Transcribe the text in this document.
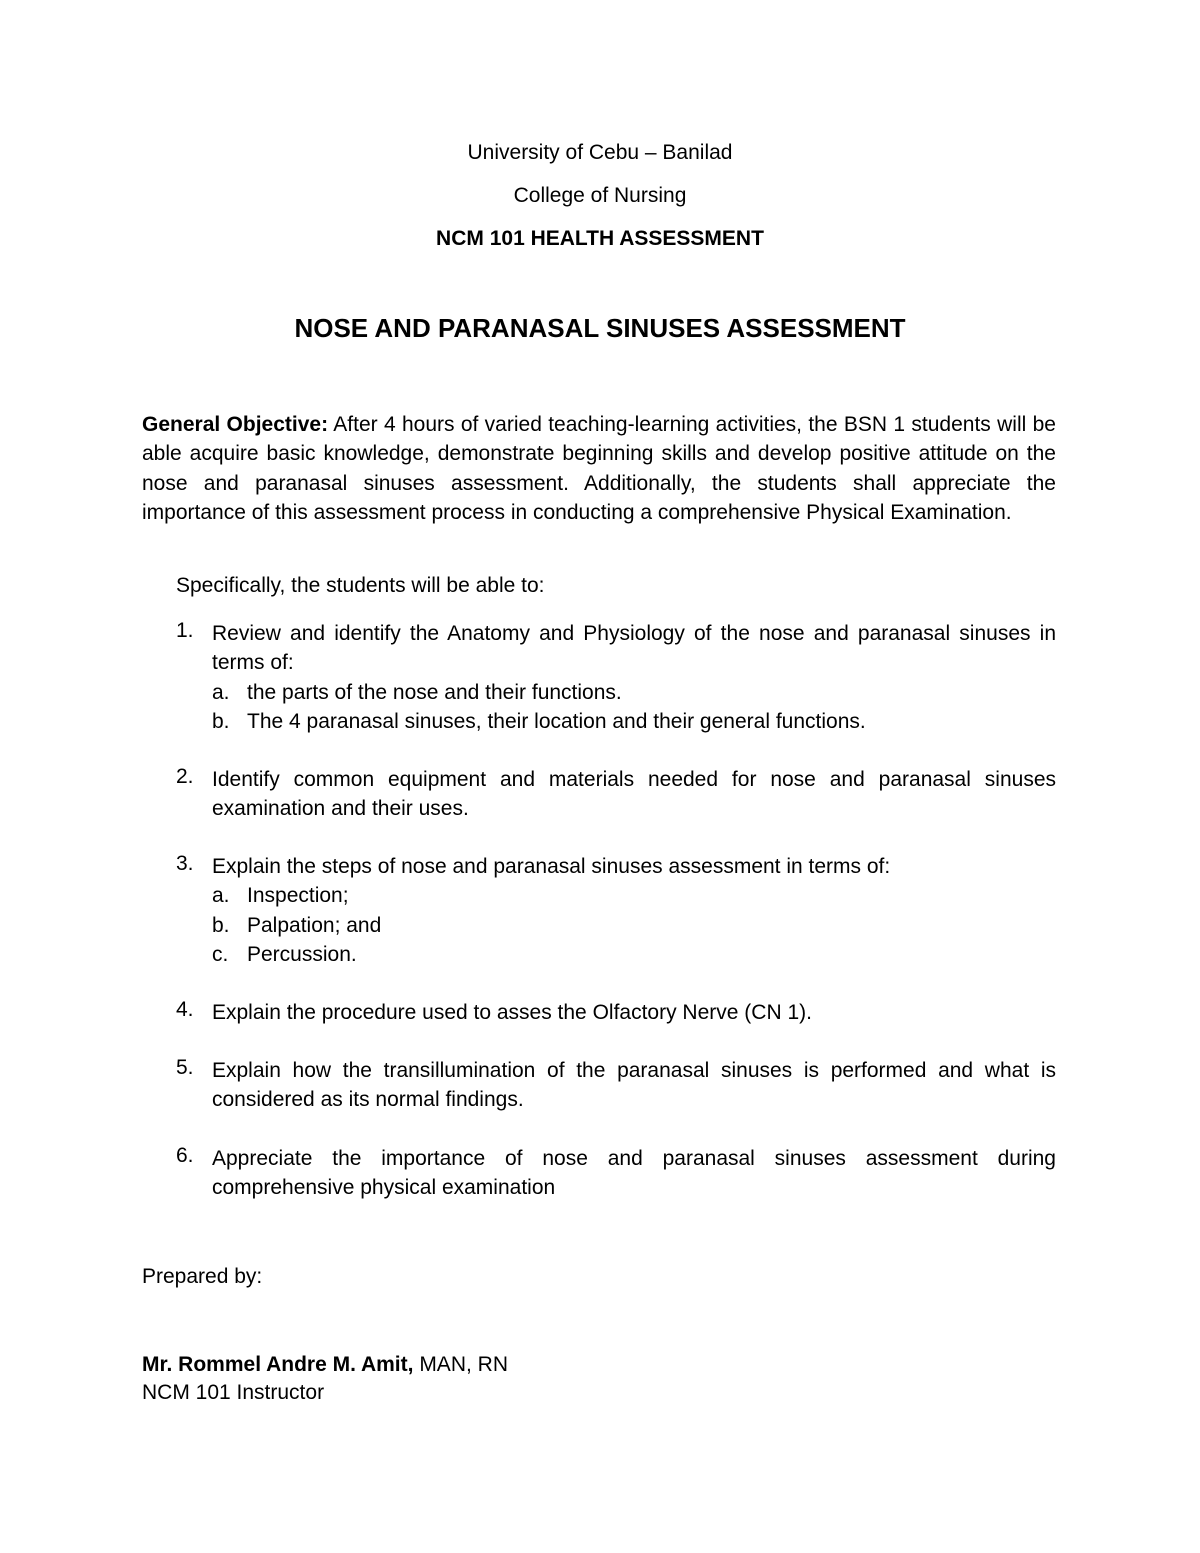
University of Cebu – Banilad
College of Nursing
NCM 101 HEALTH ASSESSMENT
NOSE AND PARANASAL SINUSES ASSESSMENT
General Objective: After 4 hours of varied teaching-learning activities, the BSN 1 students will be able acquire basic knowledge, demonstrate beginning skills and develop positive attitude on the nose and paranasal sinuses assessment. Additionally, the students shall appreciate the importance of this assessment process in conducting a comprehensive Physical Examination.
Specifically, the students will be able to:
1. Review and identify the Anatomy and Physiology of the nose and paranasal sinuses in terms of:
a. the parts of the nose and their functions.
b. The 4 paranasal sinuses, their location and their general functions.
2. Identify common equipment and materials needed for nose and paranasal sinuses examination and their uses.
3. Explain the steps of nose and paranasal sinuses assessment in terms of:
a. Inspection;
b. Palpation; and
c. Percussion.
4. Explain the procedure used to asses the Olfactory Nerve (CN 1).
5. Explain how the transillumination of the paranasal sinuses is performed and what is considered as its normal findings.
6. Appreciate the importance of nose and paranasal sinuses assessment during comprehensive physical examination
Prepared by:
Mr. Rommel Andre M. Amit, MAN, RN
NCM 101 Instructor
